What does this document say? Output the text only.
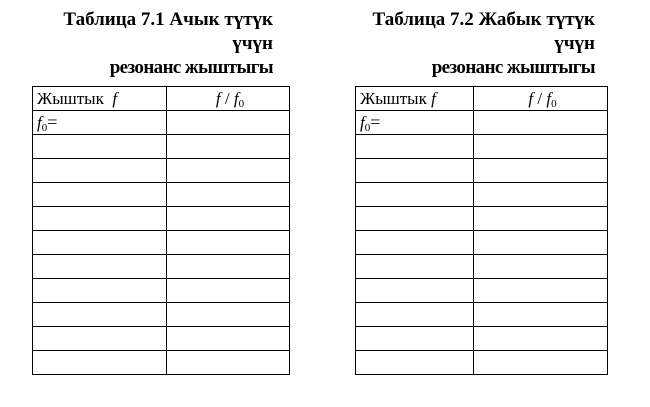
Таблица 7.1 Ачык түтүк
үчүн
резонанс жыштыгы
Жыштык f	f / $f_0$
$f_0=$	

Таблица 7.2 Жабык түтүк
үчүн
резонанс жыштыгы
Жыштык f	f / $f_0$
$f_0=$	
